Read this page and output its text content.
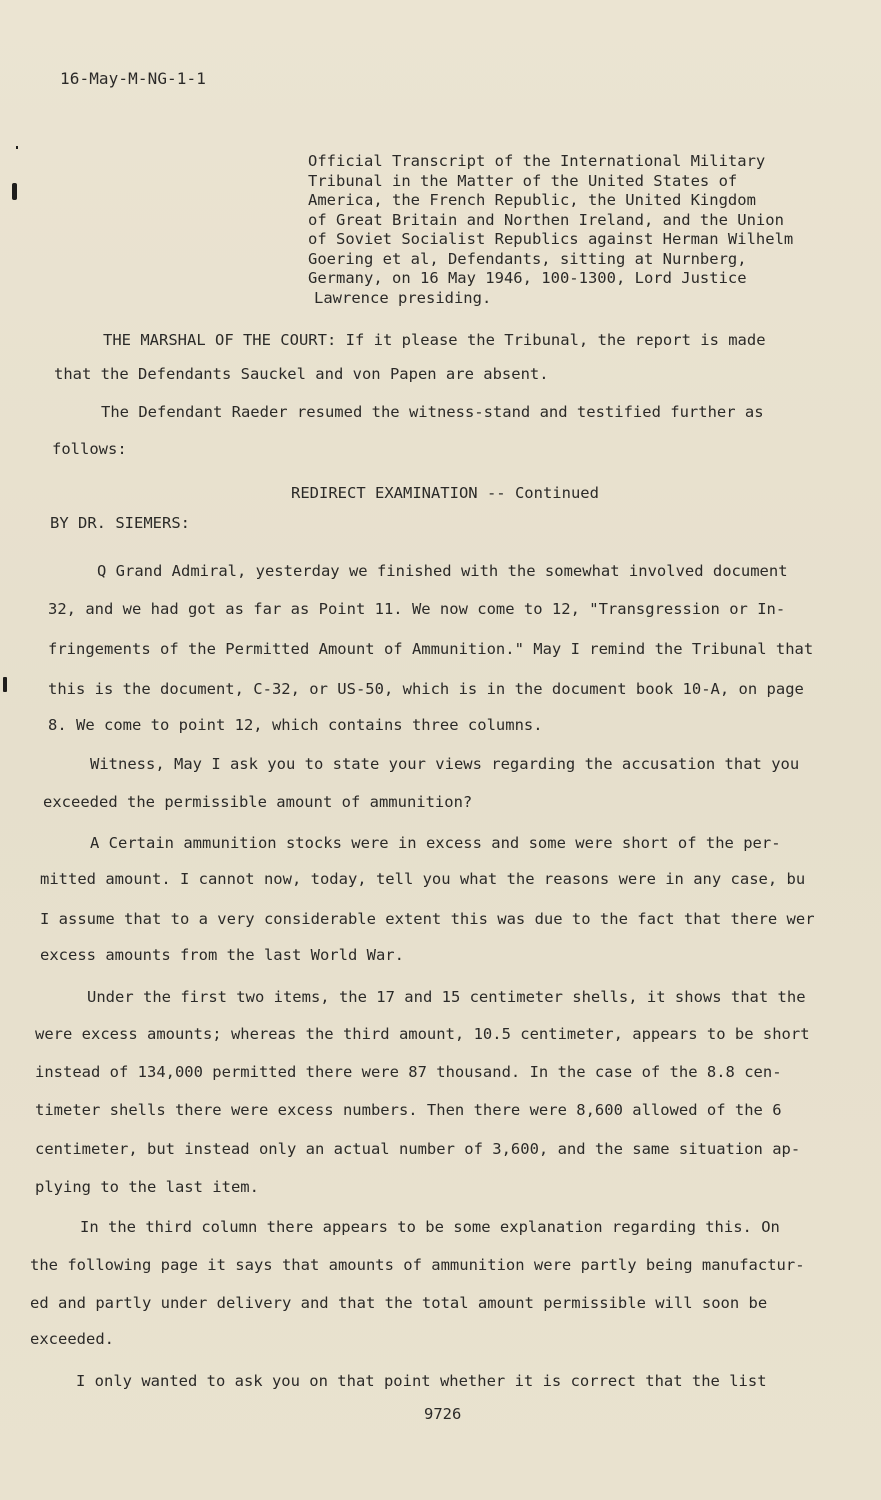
16-May-M-NG-1-1
Official Transcript of the International Military
Tribunal in the Matter of the United States of
America, the French Republic, the United Kingdom
of Great Britain and Northen Ireland, and the Union
of Soviet Socialist Republics against Herman Wilhelm
Goering et al, Defendants, sitting at Nurnberg,
Germany, on 16 May 1946, 100-1300, Lord Justice
Lawrence presiding.
THE MARSHAL OF THE COURT: If it please the Tribunal, the report is made
that the Defendants Sauckel and von Papen are absent.
The Defendant Raeder resumed the witness-stand and testified further as
follows:
REDIRECT EXAMINATION -- Continued
BY DR. SIEMERS:
Q Grand Admiral, yesterday we finished with the somewhat involved document
32, and we had got as far as Point 11. We now come to 12, "Transgression or In-
fringements of the Permitted Amount of Ammunition." May I remind the Tribunal that
this is the document, C-32, or US-50, which is in the document book 10-A, on page
8. We come to point 12, which contains three columns.
Witness, May I ask you to state your views regarding the accusation that you
exceeded the permissible amount of ammunition?
A Certain ammunition stocks were in excess and some were short of the per-
mitted amount. I cannot now, today, tell you what the reasons were in any case, bu
I assume that to a very considerable extent this was due to the fact that there wer
excess amounts from the last World War.
Under the first two items, the 17 and 15 centimeter shells, it shows that the
were excess amounts; whereas the third amount, 10.5 centimeter, appears to be short
instead of 134,000 permitted there were 87 thousand. In the case of the 8.8 cen-
timeter shells there were excess numbers. Then there were 8,600 allowed of the 6
centimeter, but instead only an actual number of 3,600, and the same situation ap-
plying to the last item.
In the third column there appears to be some explanation regarding this. On
the following page it says that amounts of ammunition were partly being manufactur-
ed and partly under delivery and that the total amount permissible will soon be
exceeded.
I only wanted to ask you on that point whether it is correct that the list
9726
